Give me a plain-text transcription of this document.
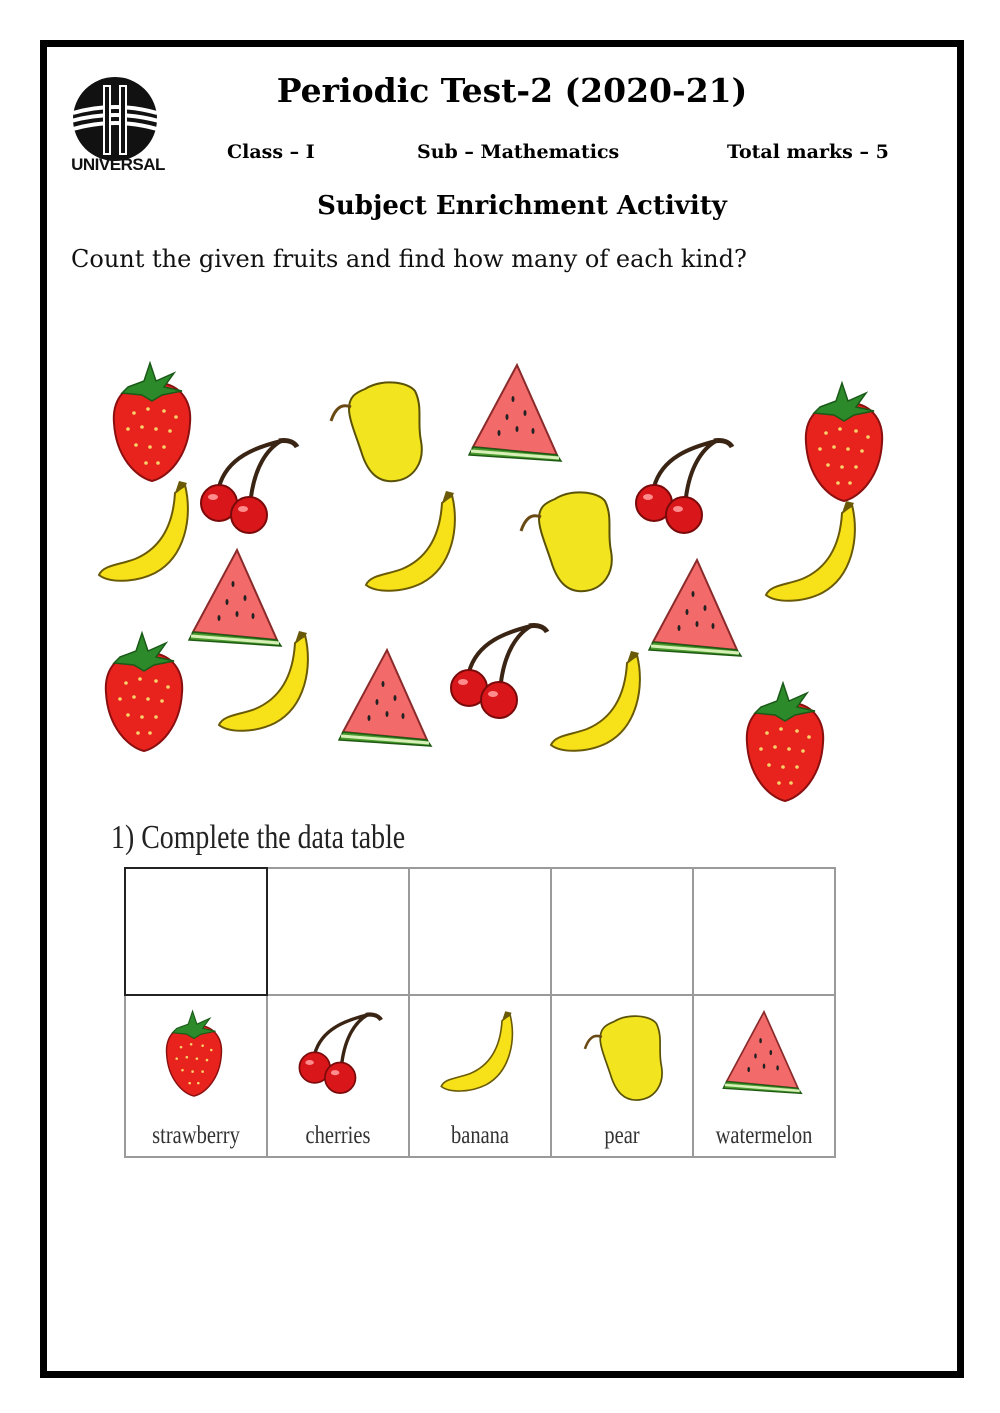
UNIVERSAL
Periodic Test-2 (2020-21)
Class – I	Sub – Mathematics	Total marks – 5
Subject Enrichment Activity
Count the given fruits and find how many of each kind?
1) Complete the data table

strawberry	cherries	banana	pear	watermelon
